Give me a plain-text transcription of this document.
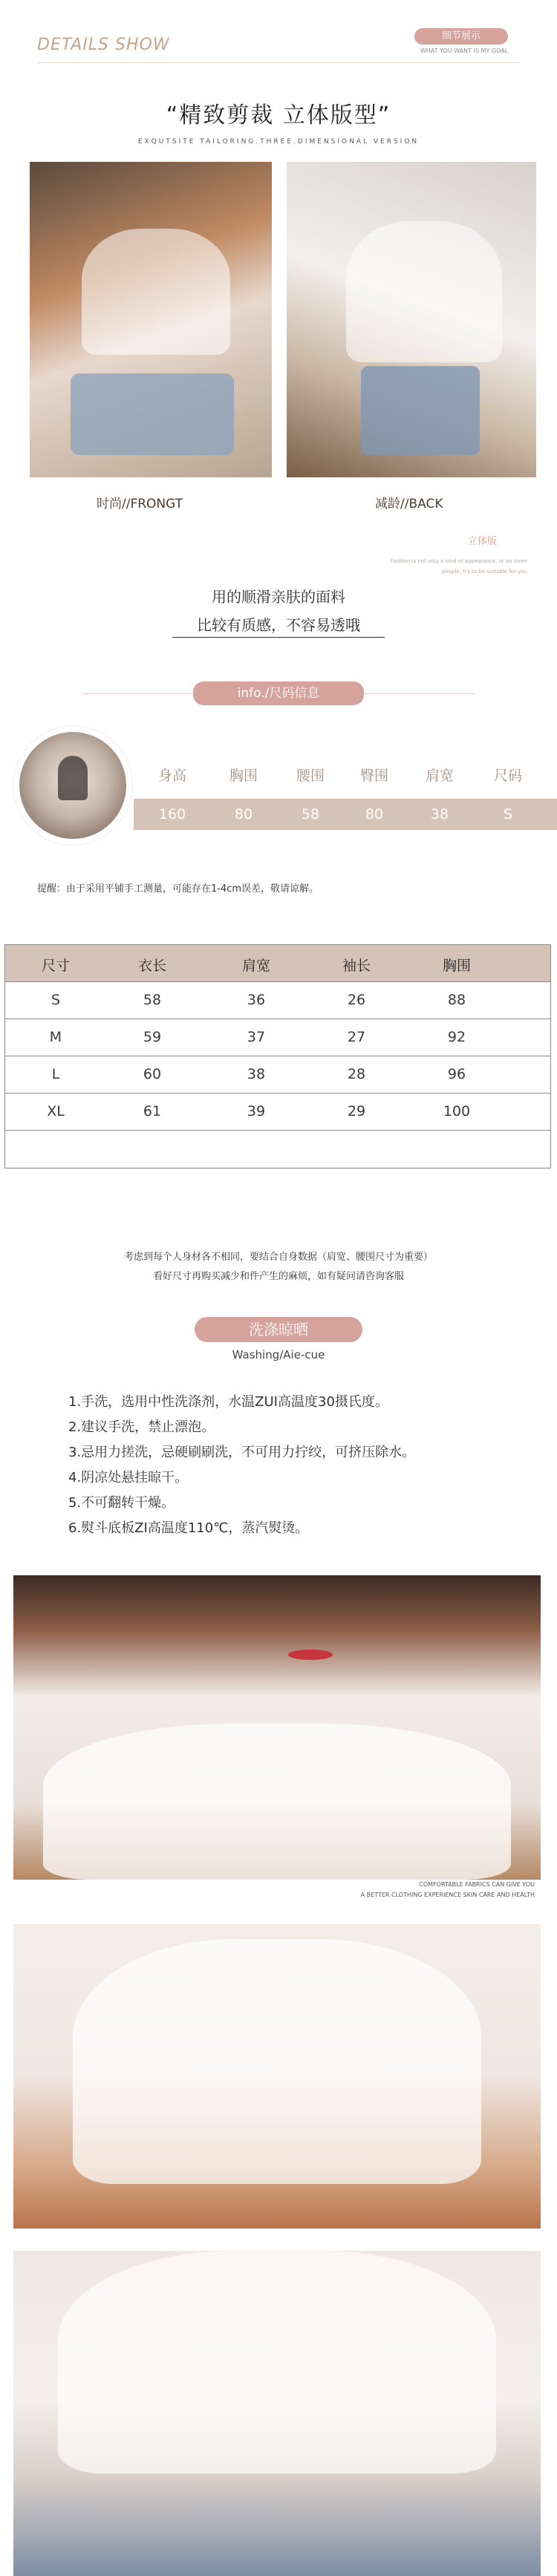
DETAILS SHOW	细节展示
WHAT YOU WANT IS MY GOAL
“精致剪裁 立体版型”
EXQUTSITE TAILORING.THREE.DIMENSIONAL VERSION
时尚//FRONGT	减龄//BACK
立体版
Fashion is not only a kind of appearance, or an inner
people, try to be suitable for you
用的顺滑亲肤的面料
比较有质感，不容易透哦
info./尺码信息
身高	胸围	腰围	臀围	肩宽	尺码
160	80	58	80	38	S
提醒：由于采用平铺手工测量，可能存在1-4cm误差，敬请谅解。
尺寸	衣长	肩宽	袖长	胸围
S	58	36	26	88
M	59	37	27	92
L	60	38	28	96
XL	61	39	29	100
考虑到每个人身材各不相同，要结合自身数据（肩宽、腰围尺寸为重要）
看好尺寸再购买减少和件产生的麻烦，如有疑问请咨询客服
洗涤晾晒
Washing/Aie-cue
1.手洗，选用中性洗涤剂，水温ZUI高温度30摄氏度。
2.建议手洗，禁止漂泡。
3.忌用力搓洗，忌硬刷刷洗，不可用力拧绞，可挤压除水。
4.阴凉处悬挂晾干。
5.不可翻转干燥。
6.熨斗底板ZI高温度110℃，蒸汽熨烫。
COMFORTABLE FABRICS CAN GIVE YOU
A BETTER CLOTHING EXPERIENCE SKIN CARE AND HEALTH
